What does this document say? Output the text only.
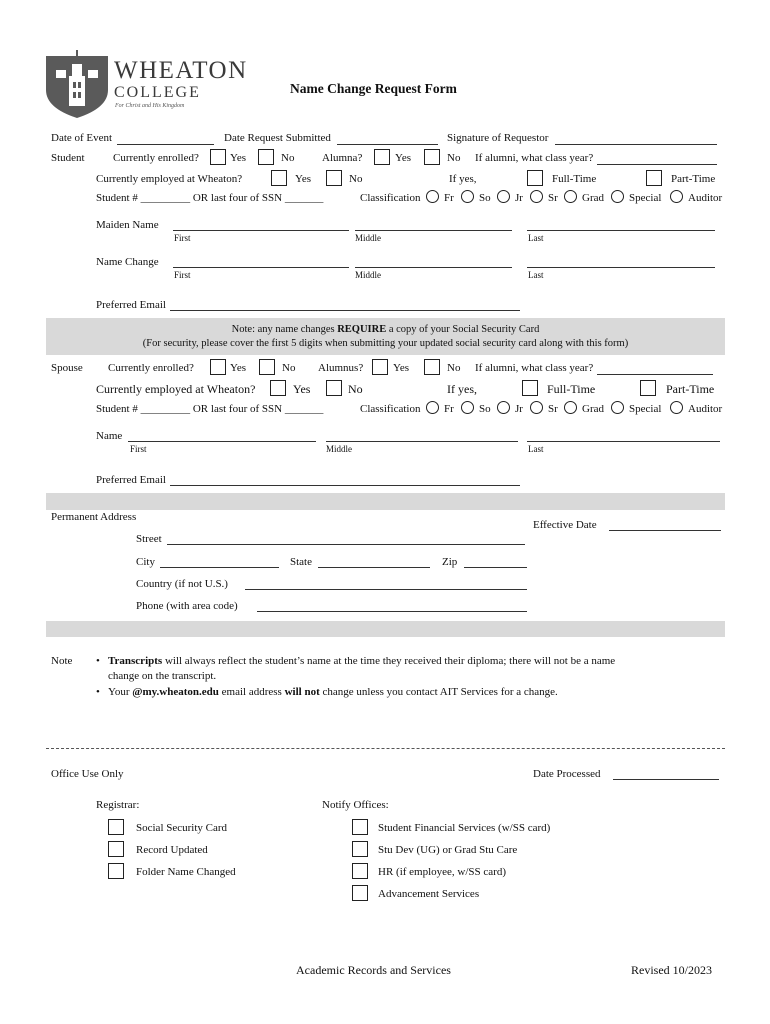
WHEATON
COLLEGE
For Christ and His Kingdom
Name Change Request Form
Date of Event	Date Request Submitted	Signature of Requestor
Student	Currently enrolled?	Yes	No	Alumna?	Yes	No If alumni, what class year?
Currently employed at Wheaton?	Yes	No	If yes,	Full-Time	Part-Time
Student # _________ OR last four of SSN _______	Classification Fr So Jr Sr Grad Special Auditor
Maiden Name
First	Middle	Last
Name Change
First	Middle	Last
Preferred Email
Note: any name changes REQUIRE a copy of your Social Security Card
(For security, please cover the first 5 digits when submitting your updated social security card along with this form)
Spouse Currently enrolled?	Yes	No Alumnus?	Yes	No If alumni, what class year?
Currently employed at Wheaton?	Yes	No	If yes,	Full-Time	Part-Time
Student # _________ OR last four of SSN _______	Classification Fr So Jr Sr Grad Special Auditor
Name
First	Middle	Last
Preferred Email
Permanent Address
Effective Date
Street
City	State	Zip
Country (if not U.S.)
Phone (with area code)
Note • Transcripts will always reflect the student’s name at the time they received their diploma; there will not be a name
change on the transcript.
• Your @my.wheaton.edu email address will not change unless you contact AIT Services for a change.
Office Use Only	Date Processed
Registrar:
Social Security Card
Record Updated
Folder Name Changed
Notify Offices:
Student Financial Services (w/SS card)
Stu Dev (UG) or Grad Stu Care
HR (if employee, w/SS card)
Advancement Services
Academic Records and Services	Revised 10/2023
